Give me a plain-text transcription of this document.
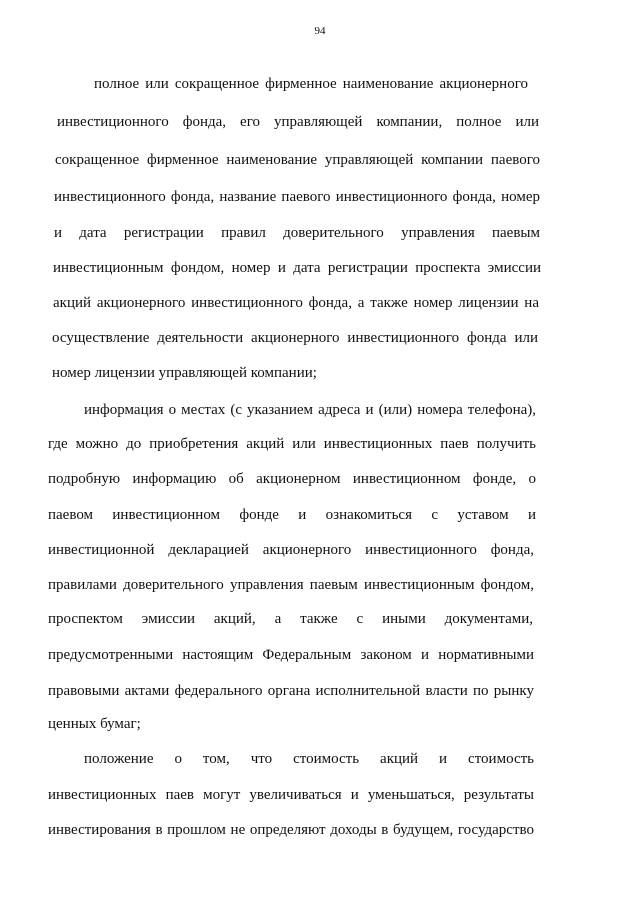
94
полное или сокращенное фирменное наименование акционерного
инвестиционного фонда, его управляющей компании, полное или
сокращенное фирменное наименование управляющей компании паевого
инвестиционного фонда, название паевого инвестиционного фонда, номер
и дата регистрации правил доверительного управления паевым
инвестиционным фондом, номер и дата регистрации проспекта эмиссии
акций акционерного инвестиционного фонда, а также номер лицензии на
осуществление деятельности акционерного инвестиционного фонда или
номер лицензии управляющей компании;
информация о местах (с указанием адреса и (или) номера телефона),
где можно до приобретения акций или инвестиционных паев получить
подробную информацию об акционерном инвестиционном фонде, о
паевом инвестиционном фонде и ознакомиться с уставом и
инвестиционной декларацией акционерного инвестиционного фонда,
правилами доверительного управления паевым инвестиционным фондом,
проспектом эмиссии акций, а также с иными документами,
предусмотренными настоящим Федеральным законом и нормативными
правовыми актами федерального органа исполнительной власти по рынку
ценных бумаг;
положение о том, что стоимость акций и стоимость
инвестиционных паев могут увеличиваться и уменьшаться, результаты
инвестирования в прошлом не определяют доходы в будущем, государство
